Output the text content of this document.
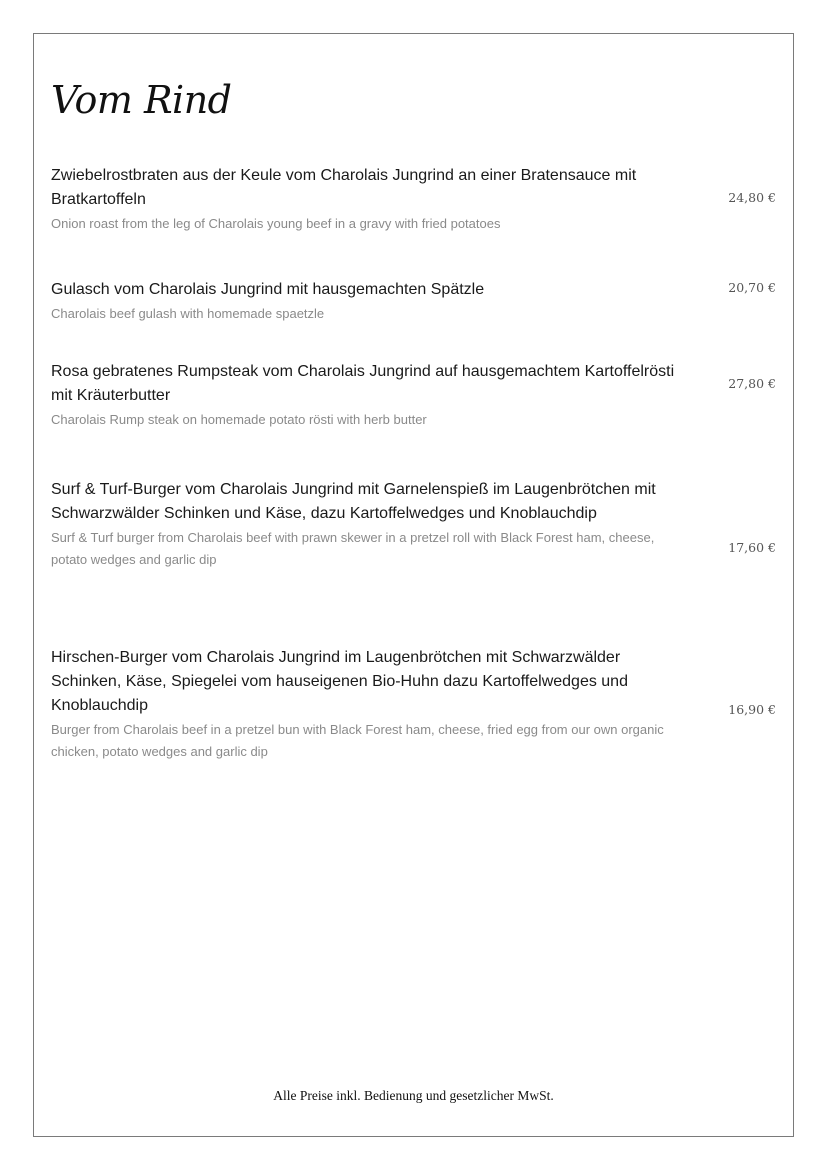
Vom Rind
Zwiebelrostbraten aus der Keule vom Charolais Jungrind an einer Bratensauce mit Bratkartoffeln
Onion roast from the leg of Charolais young beef in a gravy with fried potatoes
24,80 €
Gulasch vom Charolais Jungrind mit hausgemachten Spätzle
Charolais beef gulash with homemade spaetzle
20,70 €
Rosa gebratenes Rumpsteak vom Charolais Jungrind auf hausgemachtem Kartoffelrösti mit Kräuterbutter
Charolais Rump steak on homemade potato rösti with herb butter
27,80 €
Surf & Turf-Burger vom Charolais Jungrind mit Garnelenspieß im Laugenbrötchen mit Schwarzwälder Schinken und Käse, dazu Kartoffelwedges und Knoblauchdip
Surf & Turf burger from Charolais beef with prawn skewer in a pretzel roll with Black Forest ham, cheese, potato wedges and garlic dip
17,60 €
Hirschen-Burger vom Charolais Jungrind im Laugenbrötchen mit Schwarzwälder Schinken, Käse, Spiegelei vom hauseigenen Bio-Huhn dazu Kartoffelwedges und Knoblauchdip
Burger from Charolais beef in a pretzel bun with Black Forest ham, cheese, fried egg from our own organic chicken, potato wedges and garlic dip
16,90 €
Alle Preise inkl. Bedienung und gesetzlicher MwSt.
